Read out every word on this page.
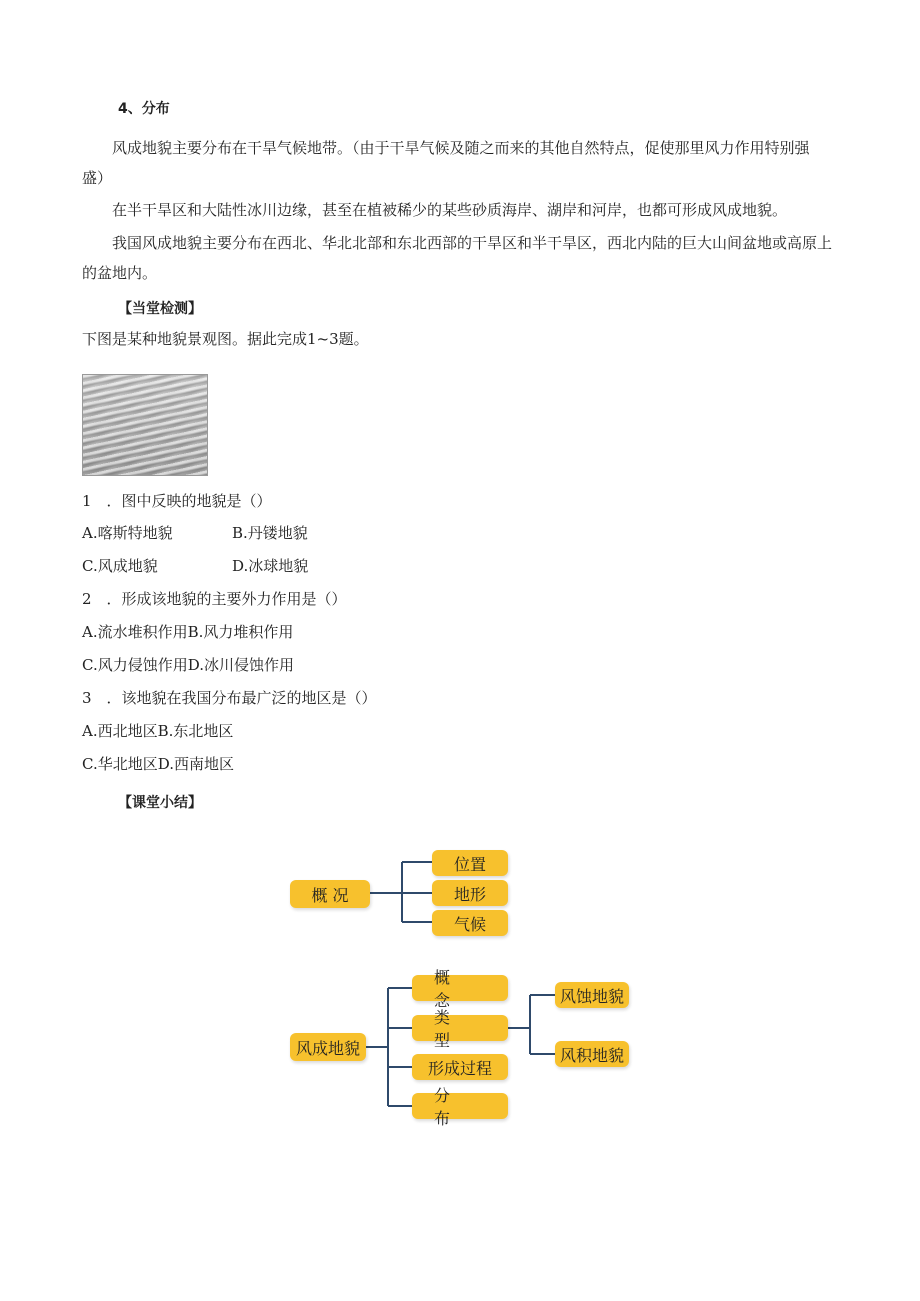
4、分布
风成地貌主要分布在干旱气候地带。（由于干旱气候及随之而来的其他自然特点，促使那里风力作用特别强盛）
在半干旱区和大陆性冰川边缘，甚至在植被稀少的某些砂质海岸、湖岸和河岸，也都可形成风成地貌。
我国风成地貌主要分布在西北、华北北部和东北西部的干旱区和半干旱区，西北内陆的巨大山间盆地或高原上的盆地内。
【当堂检测】
下图是某种地貌景观图。据此完成1~3题。
1　．图中反映的地貌是（）
A.喀斯特地貌	B.丹镂地貌
C.风成地貌	D.冰球地貌
2　．形成该地貌的主要外力作用是（）
A.流水堆积作用B.风力堆积作用
C.风力侵蚀作用D.冰川侵蚀作用
3　．该地貌在我国分布最广泛的地区是（）
A.西北地区B.东北地区
C.华北地区D.西南地区
【课堂小结】
概 况
位置
地形
气候
风成地貌
概念
类型
形成过程
分布
风蚀地貌
风积地貌
